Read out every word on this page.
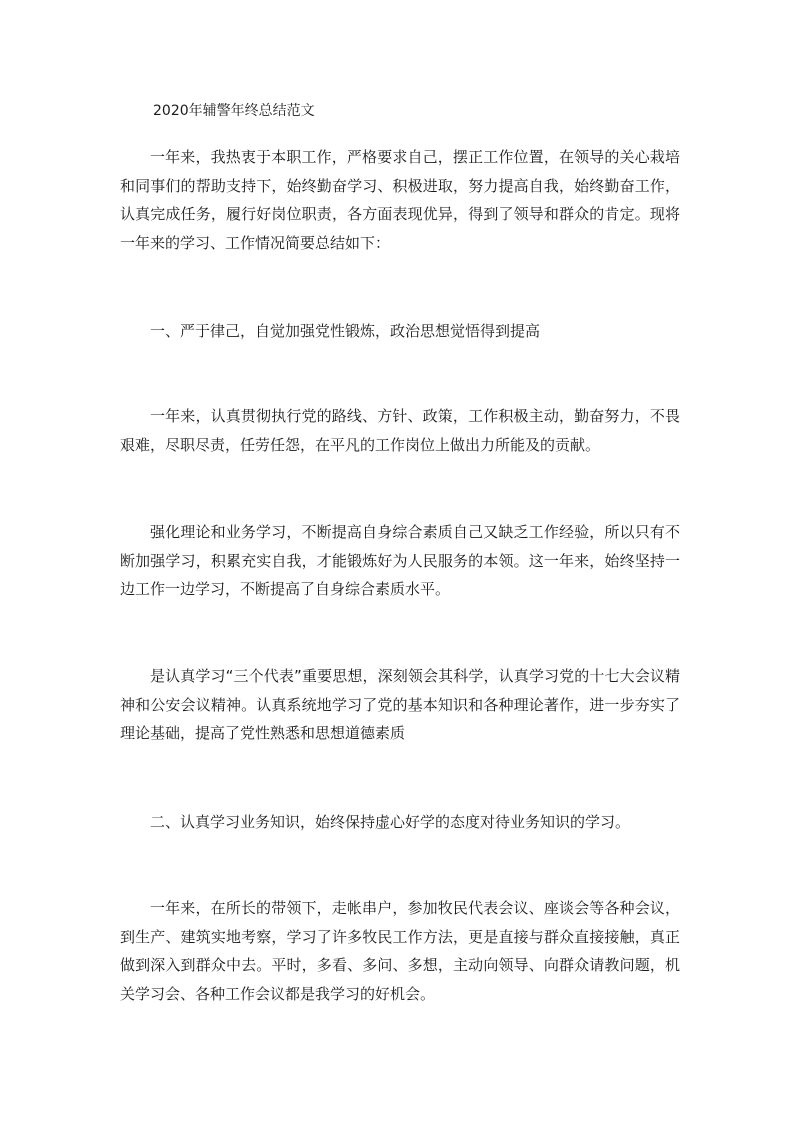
2020年辅警年终总结范文

一年来，我热衷于本职工作，严格要求自己，摆正工作位置，在领导的关心栽培和同事们的帮助支持下，始终勤奋学习、积极进取，努力提高自我，始终勤奋工作，认真完成任务，履行好岗位职责，各方面表现优异，得到了领导和群众的肯定。现将一年来的学习、工作情况简要总结如下：

一、严于律己，自觉加强党性锻炼，政治思想觉悟得到提高

一年来，认真贯彻执行党的路线、方针、政策，工作积极主动，勤奋努力，不畏艰难，尽职尽责，任劳任怨，在平凡的工作岗位上做出力所能及的贡献。

强化理论和业务学习，不断提高自身综合素质自己又缺乏工作经验，所以只有不断加强学习，积累充实自我，才能锻炼好为人民服务的本领。这一年来，始终坚持一边工作一边学习，不断提高了自身综合素质水平。

是认真学习“三个代表”重要思想，深刻领会其科学，认真学习党的十七大会议精神和公安会议精神。认真系统地学习了党的基本知识和各种理论著作，进一步夯实了理论基础，提高了党性熟悉和思想道德素质

二、认真学习业务知识，始终保持虚心好学的态度对待业务知识的学习。

一年来，在所长的带领下，走帐串户，参加牧民代表会议、座谈会等各种会议，到生产、建筑实地考察，学习了许多牧民工作方法，更是直接与群众直接接触，真正做到深入到群众中去。平时，多看、多问、多想，主动向领导、向群众请教问题，机关学习会、各种工作会议都是我学习的好机会。
